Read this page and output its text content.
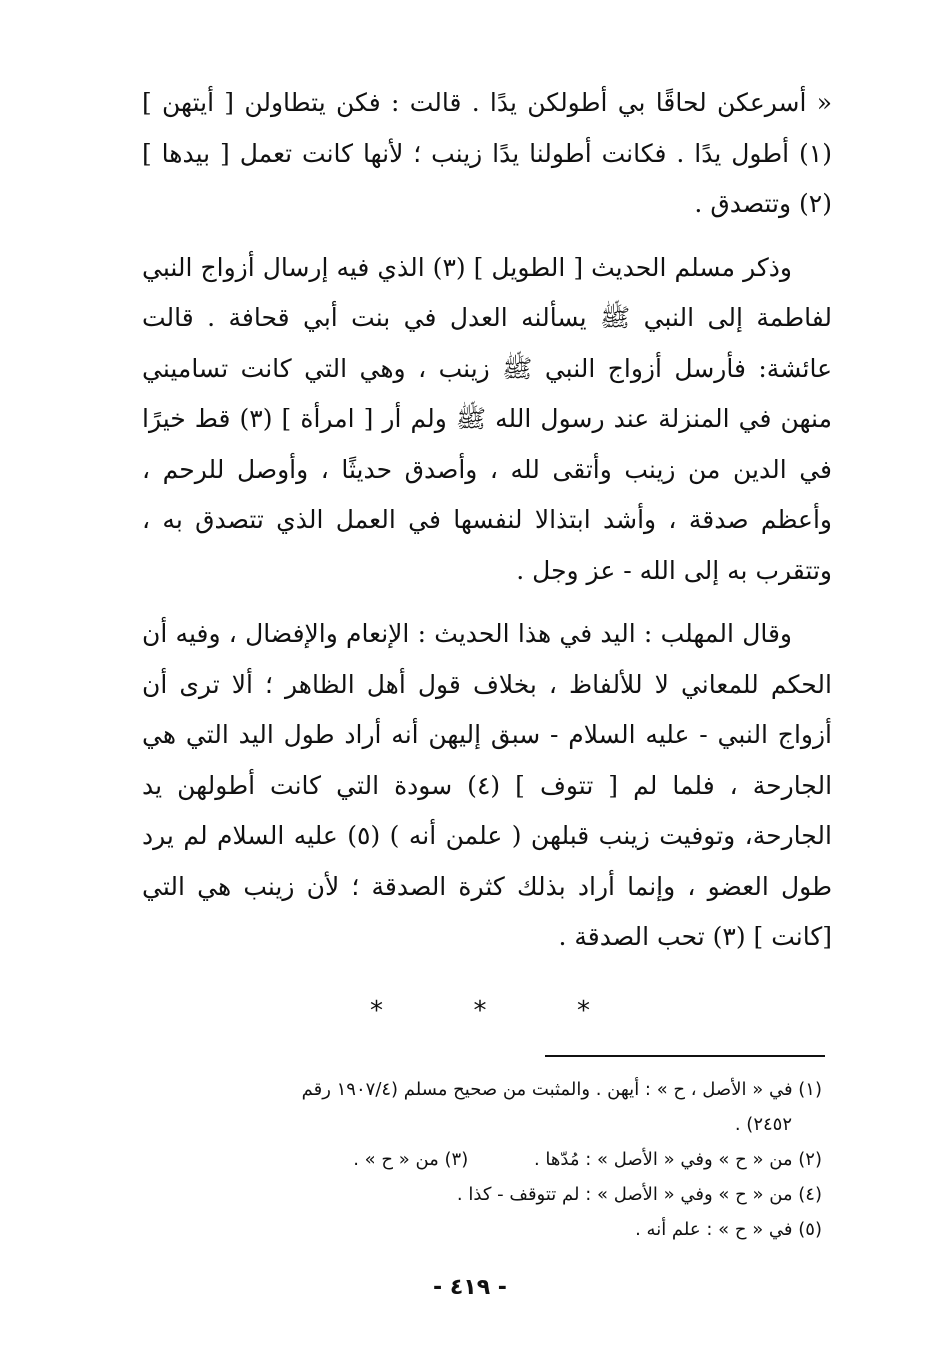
« أسرعكن لحاقًا بي أطولكن يدًا . قالت : فكن يتطاولن [ أيتهن ](١) أطول يدًا . فكانت أطولنا يدًا زينب ؛ لأنها كانت تعمل [ بيدها ](٢) وتتصدق .

وذكر مسلم الحديث [ الطويل ] (٣) الذي فيه إرسال أزواج النبي لفاطمة إلى النبي ﷺ يسألنه العدل في بنت أبي قحافة . قالت عائشة: فأرسل أزواج النبي ﷺ زينب ، وهي التي كانت تساميني منهن في المنزلة عند رسول الله ﷺ ولم أر [ امرأة ] (٣) قط خيرًا في الدين من زينب وأتقى لله ، وأصدق حديثًا ، وأوصل للرحم ، وأعظم صدقة ، وأشد ابتذالا لنفسها في العمل الذي تتصدق به ، وتتقرب به إلى الله - عز وجل .

وقال المهلب : اليد في هذا الحديث : الإنعام والإفضال ، وفيه أن الحكم للمعاني لا للألفاظ ، بخلاف قول أهل الظاهر ؛ ألا ترى أن أزواج النبي - عليه السلام - سبق إليهن أنه أراد طول اليد التي هي الجارحة ، فلما لم [ تتوف ] (٤) سودة التي كانت أطولهن يد الجارحة، وتوفيت زينب قبلهن ( علمن أنه ) (٥) عليه السلام لم يرد طول العضو ، وإنما أراد بذلك كثرة الصدقة ؛ لأن زينب هي التي [كانت ] (٣) تحب الصدقة .

*	*	*

(١) في « الأصل ، ح » : أيهن . والمثبت من صحيح مسلم (١٩٠٧/٤ رقم
٢٤٥٢) .

(٢) من « ح » وفي « الأصل » : مُدّها . (٣) من « ح » .

(٤) من « ح » وفي « الأصل » : لم تتوقف - كذا .

(٥) في « ح » : علم أنه .

- ٤١٩ -
